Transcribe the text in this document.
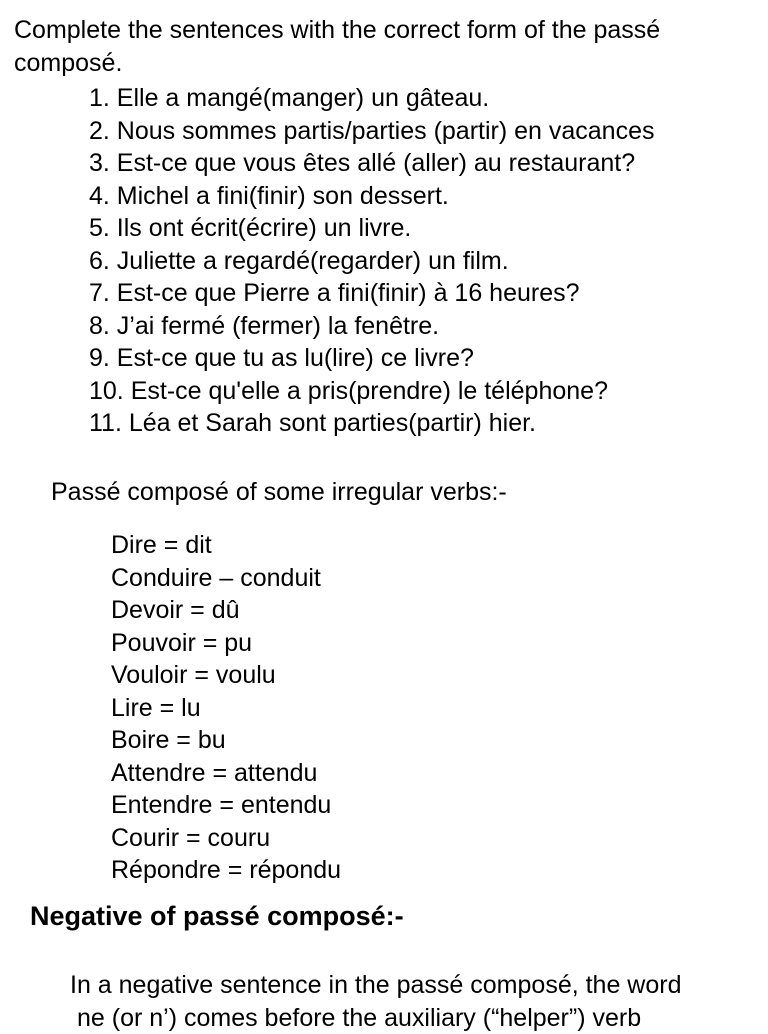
Complete the sentences with the correct form of the passé composé.
1. Elle a mangé(manger) un gâteau.
2. Nous sommes partis/parties (partir) en vacances
3. Est-ce que vous êtes allé (aller) au restaurant?
4. Michel a fini(finir) son dessert.
5. Ils ont écrit(écrire) un livre.
6. Juliette a regardé(regarder) un film.
7. Est-ce que Pierre a fini(finir) à 16 heures?
8. J’ai fermé (fermer) la fenêtre.
9. Est-ce que tu as lu(lire) ce livre?
10. Est-ce qu'elle a pris(prendre) le téléphone?
11. Léa et Sarah sont parties(partir) hier.
Passé composé of some irregular verbs:-
Dire = dit
Conduire – conduit
Devoir = dû
Pouvoir = pu
Vouloir = voulu
Lire = lu
Boire = bu
Attendre = attendu
Entendre = entendu
Courir = couru
Répondre = répondu
Negative of passé composé:-
In a negative sentence in the passé composé, the word
ne (or n’) comes before the auxiliary (“helper”) verb
